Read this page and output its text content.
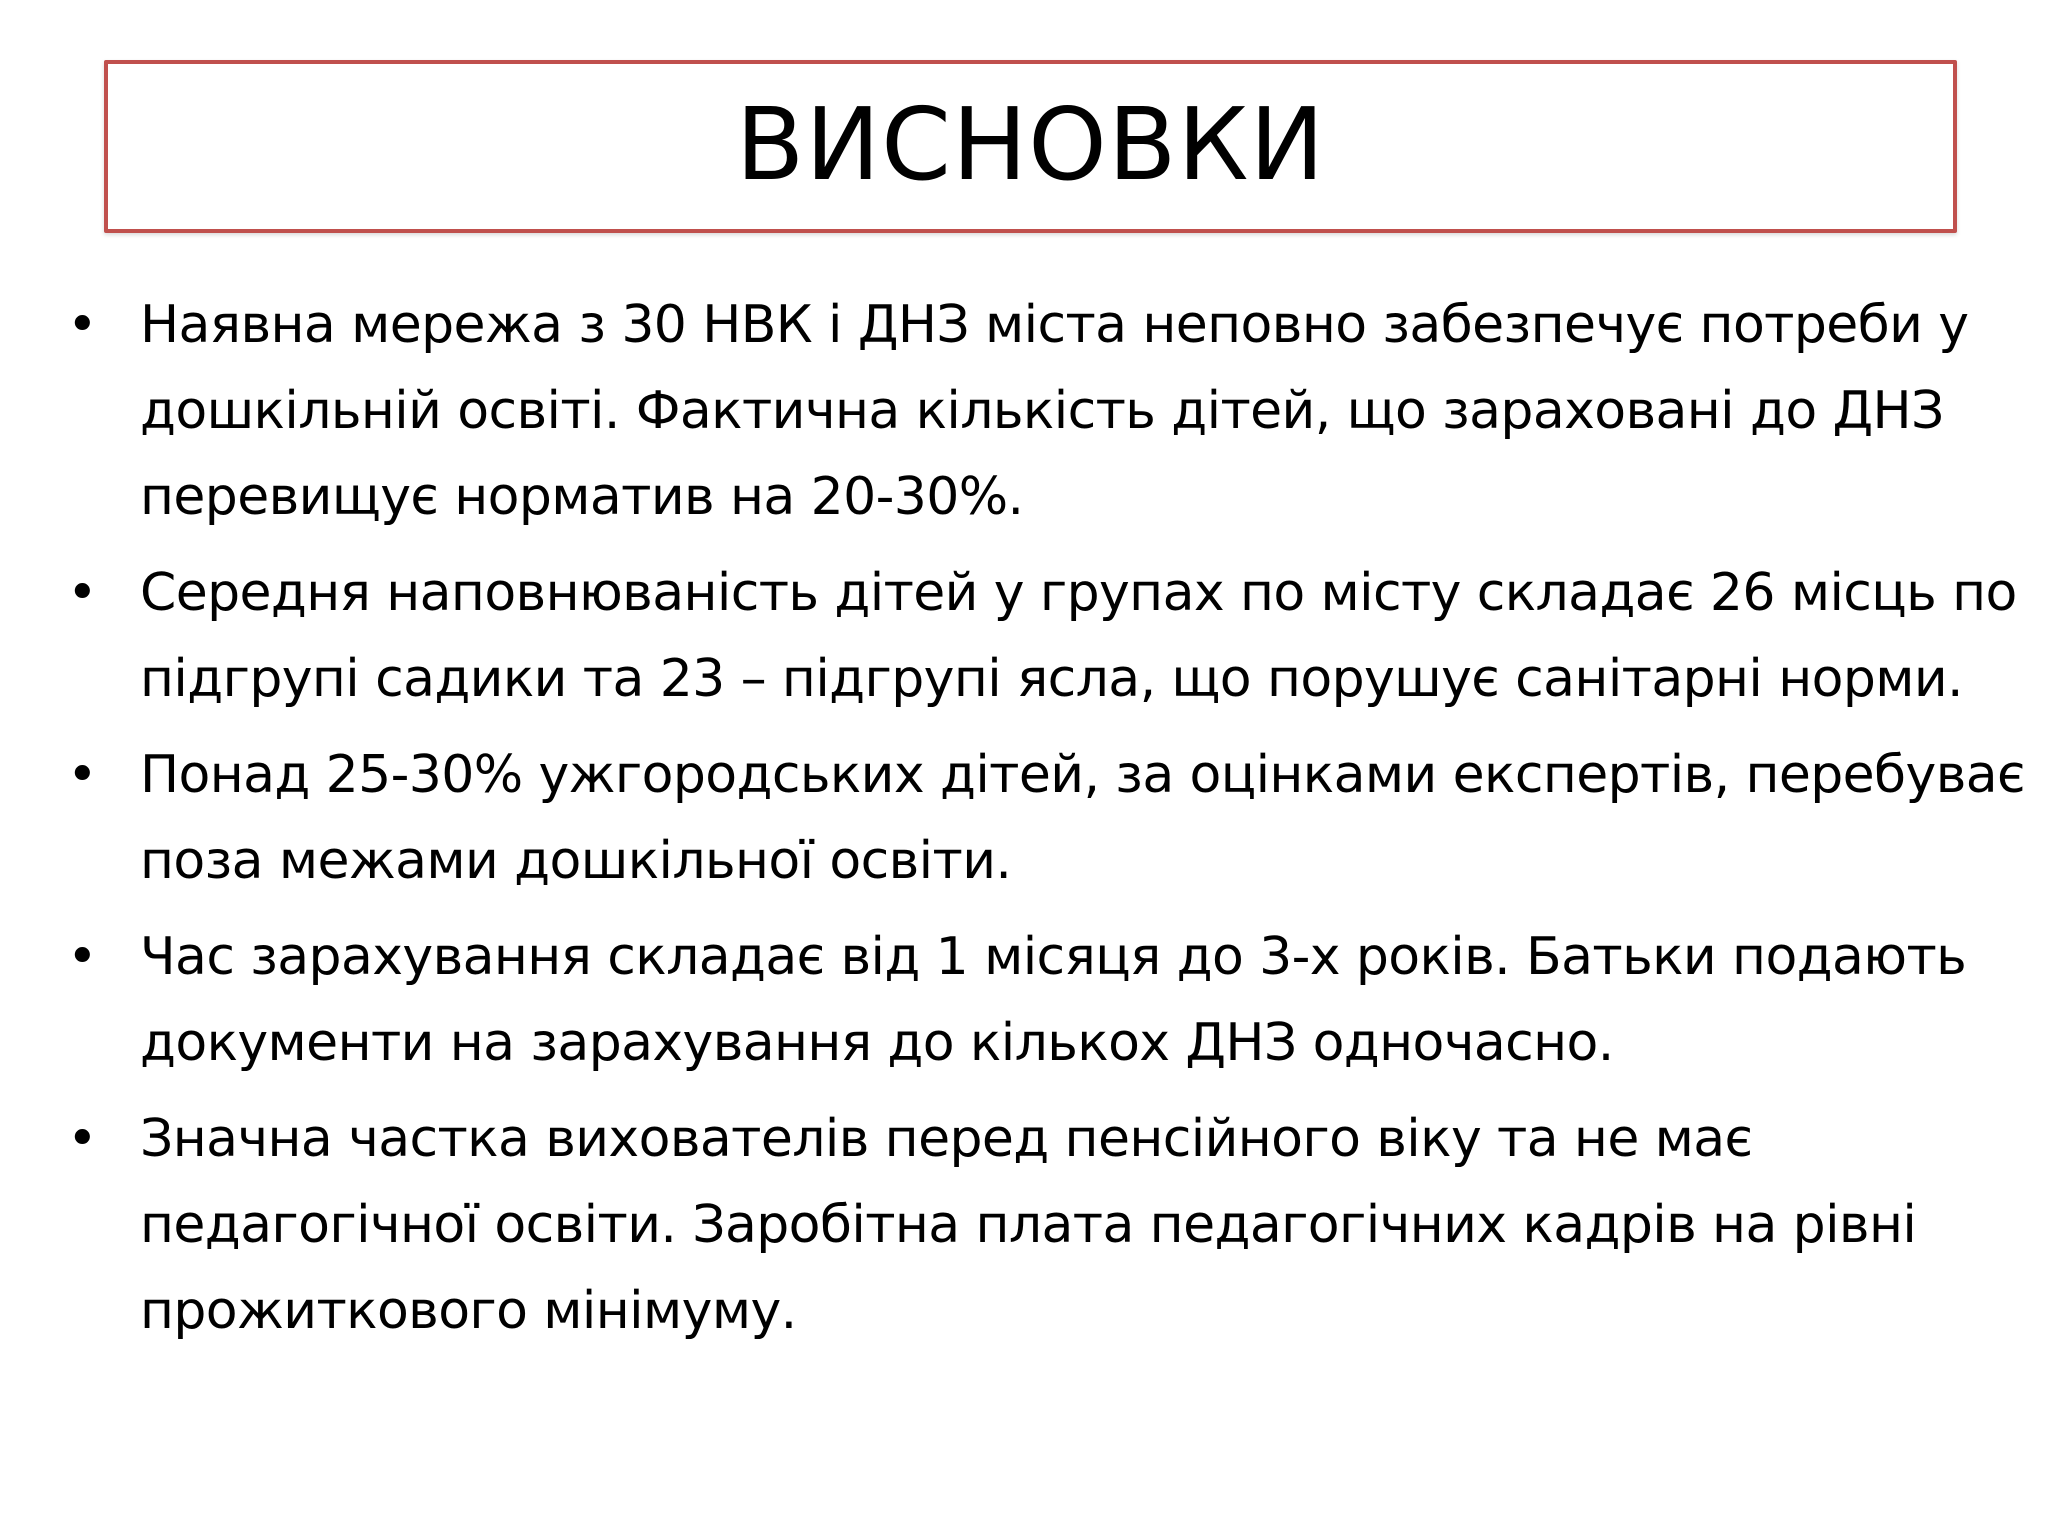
ВИСНОВКИ
• Наявна мережа з 30 НВК і ДНЗ міста неповно забезпечує потреби у дошкільній освіті. Фактична кількість дітей, що зараховані до ДНЗ перевищує норматив на 20-30%.
• Середня наповнюваність дітей у групах по місту складає 26 місць по підгрупі садики та 23 – підгрупі ясла, що порушує санітарні норми.
• Понад 25-30% ужгородських дітей, за оцінками експертів, перебуває поза межами дошкільної освіти.
• Час зарахування складає від 1 місяця до 3-х років. Батьки подають документи на зарахування до кількох ДНЗ одночасно.
• Значна частка вихователів перед пенсійного віку та не має педагогічної освіти. Заробітна плата педагогічних кадрів на рівні прожиткового мінімуму.
